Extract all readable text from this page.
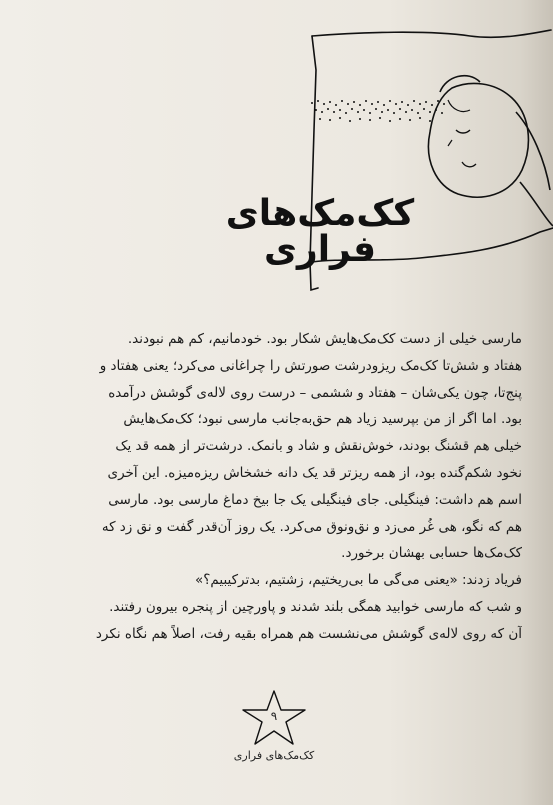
کک‌مک‌های فراری

مارسی خیلی از دست کک‌مک‌هایش شکار بود. خودمانیم، کم هم نبودند.
هفتاد و شش‌تا کک‌مک ریزودرشت صورتش را چراغانی می‌کرد؛ یعنی هفتاد و
پنج‌تا، چون یکی‌شان – هفتاد و ششمی – درست روی لاله‌ی گوشش درآمده
بود. اما اگر از من بپرسید زیاد هم حق‌به‌جانب مارسی نبود؛ کک‌مک‌هایش
خیلی هم قشنگ بودند، خوش‌نقش و شاد و بانمک. درشت‌تر از همه قد یک
نخود شکم‌گنده بود، از همه ریزتر قد یک دانه خشخاش ریزه‌میزه. این آخری
اسم هم داشت: فینگیلی. جای فینگیلی یک جا بیخ دماغ مارسی بود. مارسی
هم که نگو، هی غُر می‌زد و نق‌ونوق می‌کرد. یک روز آن‌قدر گفت و نق زد که
کک‌مک‌ها حسابی بهشان برخورد.

فریاد زدند: «یعنی می‌گی ما بی‌ریختیم، زشتیم، بدترکیبیم؟»
و شب که مارسی خوابید همگی بلند شدند و پاورچین از پنجره بیرون رفتند.
آن که روی لاله‌ی گوشش می‌نشست هم همراه بقیه رفت، اصلاً هم نگاه نکرد

۹
کک‌مک‌های فراری
